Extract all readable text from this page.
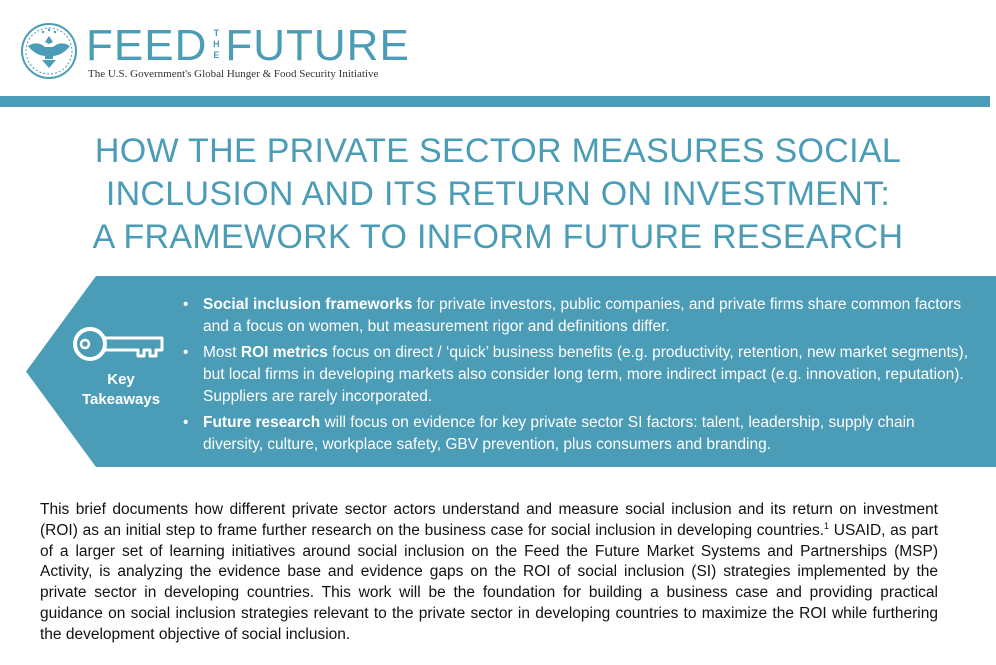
FEED T
H
E FUTURE
The U.S. Government's Global Hunger & Food Security Initiative
HOW THE PRIVATE SECTOR MEASURES SOCIAL
INCLUSION AND ITS RETURN ON INVESTMENT:
A FRAMEWORK TO INFORM FUTURE RESEARCH
Key
Takeaways
• Social inclusion frameworks for private investors, public companies, and private firms share common factors and a focus on women, but measurement rigor and definitions differ.
• Most ROI metrics focus on direct / ‘quick’ business benefits (e.g. productivity, retention, new market segments), but local firms in developing markets also consider long term, more indirect impact (e.g. innovation, reputation). Suppliers are rarely incorporated.
• Future research will focus on evidence for key private sector SI factors: talent, leadership, supply chain diversity, culture, workplace safety, GBV prevention, plus consumers and branding.
This brief documents how different private sector actors understand and measure social inclusion and its return on investment (ROI) as an initial step to frame further research on the business case for social inclusion in developing countries.$^1$ USAID, as part of a larger set of learning initiatives around social inclusion on the Feed the Future Market Systems and Partnerships (MSP) Activity, is analyzing the evidence base and evidence gaps on the ROI of social inclusion (SI) strategies implemented by the private sector in developing countries. This work will be the foundation for building a business case and providing practical guidance on social inclusion strategies relevant to the private sector in developing countries to maximize the ROI while furthering the development objective of social inclusion.
